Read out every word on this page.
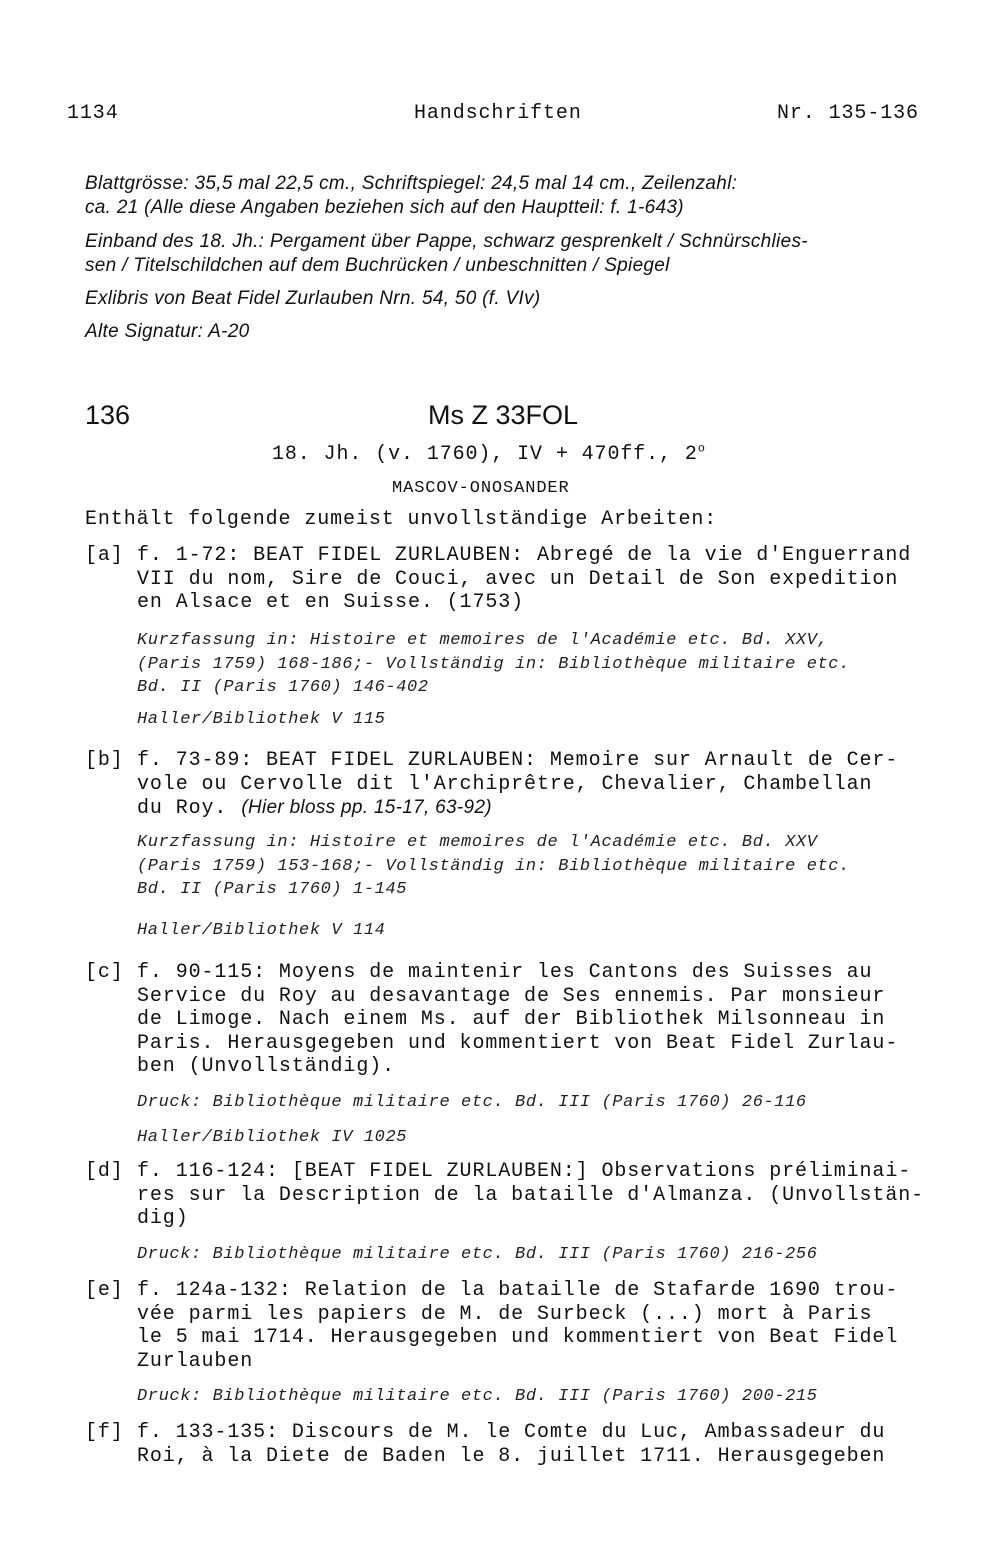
1134	Handschriften	Nr. 135-136
Blattgrösse: 35,5 mal 22,5 cm., Schriftspiegel: 24,5 mal 14 cm., Zeilenzahl:
ca. 21 (Alle diese Angaben beziehen sich auf den Hauptteil: f. 1-643)
Einband des 18. Jh.: Pergament über Pappe, schwarz gesprenkelt / Schnürschlies-
sen / Titelschildchen auf dem Buchrücken / unbeschnitten / Spiegel
Exlibris von Beat Fidel Zurlauben Nrn. 54, 50 (f. VIv)
Alte Signatur: A-20
136	Ms Z 33FOL
18. Jh. (v. 1760), IV + 470ff., 2$^o$
MASCOV-ONOSANDER
Enthält folgende zumeist unvollständige Arbeiten:
[a] f. 1-72: BEAT FIDEL ZURLAUBEN: Abregé de la vie d'Enguerrand
VII du nom, Sire de Couci, avec un Detail de Son expedition
en Alsace et en Suisse. (1753)
Kurzfassung in: Histoire et memoires de l'Académie etc. Bd. XXV,
(Paris 1759) 168-186;- Vollständig in: Bibliothèque militaire etc.
Bd. II (Paris 1760) 146-402
Haller/Bibliothek V 115
[b] f. 73-89: BEAT FIDEL ZURLAUBEN: Memoire sur Arnault de Cer-
vole ou Cervolle dit l'Archiprêtre, Chevalier, Chambellan
du Roy. (Hier bloss pp. 15-17, 63-92)
Kurzfassung in: Histoire et memoires de l'Académie etc. Bd. XXV
(Paris 1759) 153-168;- Vollständig in: Bibliothèque militaire etc.
Bd. II (Paris 1760) 1-145
Haller/Bibliothek V 114
[c] f. 90-115: Moyens de maintenir les Cantons des Suisses au
Service du Roy au desavantage de Ses ennemis. Par monsieur
de Limoge. Nach einem Ms. auf der Bibliothek Milsonneau in
Paris. Herausgegeben und kommentiert von Beat Fidel Zurlau-
ben (Unvollständig).
Druck: Bibliothèque militaire etc. Bd. III (Paris 1760) 26-116
Haller/Bibliothek IV 1025
[d] f. 116-124: [BEAT FIDEL ZURLAUBEN:] Observations préliminai-
res sur la Description de la bataille d'Almanza. (Unvollstän-
dig)
Druck: Bibliothèque militaire etc. Bd. III (Paris 1760) 216-256
[e] f. 124a-132: Relation de la bataille de Stafarde 1690 trou-
vée parmi les papiers de M. de Surbeck (...) mort à Paris
le 5 mai 1714. Herausgegeben und kommentiert von Beat Fidel
Zurlauben
Druck: Bibliothèque militaire etc. Bd. III (Paris 1760) 200-215
[f] f. 133-135: Discours de M. le Comte du Luc, Ambassadeur du
Roi, à la Diete de Baden le 8. juillet 1711. Herausgegeben
